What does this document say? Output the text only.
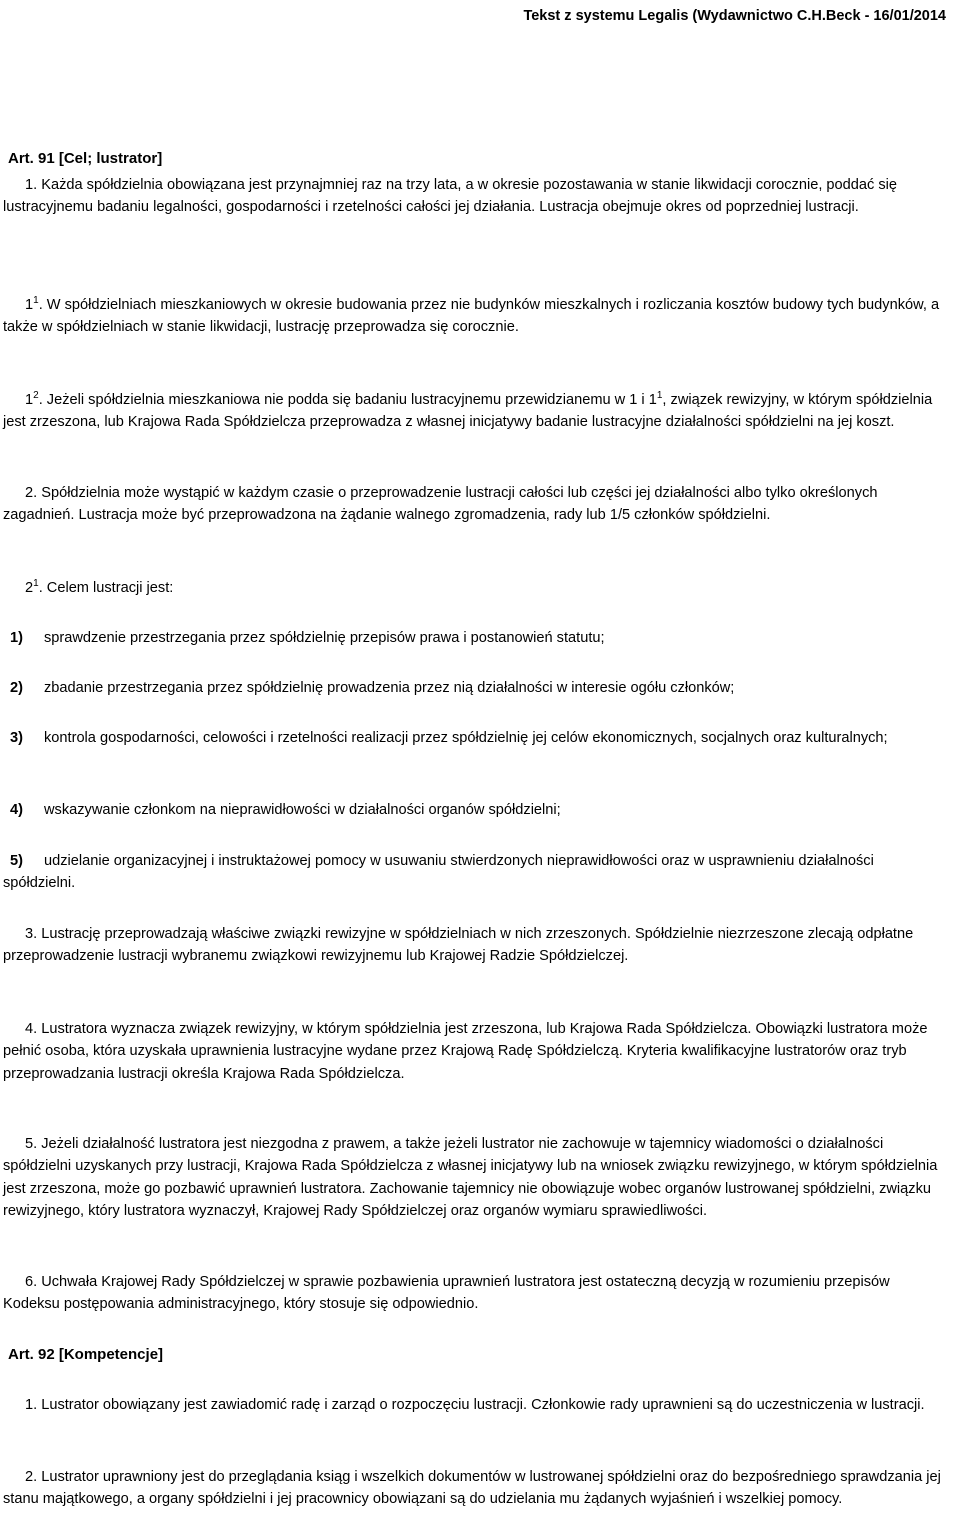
Tekst z systemu Legalis (Wydawnictwo C.H.Beck - 16/01/2014
Art. 91 [Cel; lustrator]
1. Każda spółdzielnia obowiązana jest przynajmniej raz na trzy lata, a w okresie pozostawania w stanie likwidacji corocznie, poddać się lustracyjnemu badaniu legalności, gospodarności i rzetelności całości jej działania. Lustracja obejmuje okres od poprzedniej lustracji.
$1^1$. W spółdzielniach mieszkaniowych w okresie budowania przez nie budynków mieszkalnych i rozliczania kosztów budowy tych budynków, a także w spółdzielniach w stanie likwidacji, lustrację przeprowadza się corocznie.
$1^2$. Jeżeli spółdzielnia mieszkaniowa nie podda się badaniu lustracyjnemu przewidzianemu w 1 i $1^1$, związek rewizyjny, w którym spółdzielnia jest zrzeszona, lub Krajowa Rada Spółdzielcza przeprowadza z własnej inicjatywy badanie lustracyjne działalności spółdzielni na jej koszt.
2. Spółdzielnia może wystąpić w każdym czasie o przeprowadzenie lustracji całości lub części jej działalności albo tylko określonych zagadnień. Lustracja może być przeprowadzona na żądanie walnego zgromadzenia, rady lub 1/5 członków spółdzielni.
$2^1$. Celem lustracji jest:
1) sprawdzenie przestrzegania przez spółdzielnię przepisów prawa i postanowień statutu;
2) zbadanie przestrzegania przez spółdzielnię prowadzenia przez nią działalności w interesie ogółu członków;
3) kontrola gospodarności, celowości i rzetelności realizacji przez spółdzielnię jej celów ekonomicznych, socjalnych oraz kulturalnych;
4) wskazywanie członkom na nieprawidłowości w działalności organów spółdzielni;
5) udzielanie organizacyjnej i instruktażowej pomocy w usuwaniu stwierdzonych nieprawidłowości oraz w usprawnieniu działalności spółdzielni.
3. Lustrację przeprowadzają właściwe związki rewizyjne w spółdzielniach w nich zrzeszonych. Spółdzielnie niezrzeszone zlecają odpłatne przeprowadzenie lustracji wybranemu związkowi rewizyjnemu lub Krajowej Radzie Spółdzielczej.
4. Lustratora wyznacza związek rewizyjny, w którym spółdzielnia jest zrzeszona, lub Krajowa Rada Spółdzielcza. Obowiązki lustratora może pełnić osoba, która uzyskała uprawnienia lustracyjne wydane przez Krajową Radę Spółdzielczą. Kryteria kwalifikacyjne lustratorów oraz tryb przeprowadzania lustracji określa Krajowa Rada Spółdzielcza.
5. Jeżeli działalność lustratora jest niezgodna z prawem, a także jeżeli lustrator nie zachowuje w tajemnicy wiadomości o działalności spółdzielni uzyskanych przy lustracji, Krajowa Rada Spółdzielcza z własnej inicjatywy lub na wniosek związku rewizyjnego, w którym spółdzielnia jest zrzeszona, może go pozbawić uprawnień lustratora. Zachowanie tajemnicy nie obowiązuje wobec organów lustrowanej spółdzielni, związku rewizyjnego, który lustratora wyznaczył, Krajowej Rady Spółdzielczej oraz organów wymiaru sprawiedliwości.
6. Uchwała Krajowej Rady Spółdzielczej w sprawie pozbawienia uprawnień lustratora jest ostateczną decyzją w rozumieniu przepisów Kodeksu postępowania administracyjnego, który stosuje się odpowiednio.
Art. 92 [Kompetencje]
1. Lustrator obowiązany jest zawiadomić radę i zarząd o rozpoczęciu lustracji. Członkowie rady uprawnieni są do uczestniczenia w lustracji.
2. Lustrator uprawniony jest do przeglądania ksiąg i wszelkich dokumentów w lustrowanej spółdzielni oraz do bezpośredniego sprawdzania jej stanu majątkowego, a organy spółdzielni i jej pracownicy obowiązani są do udzielania mu żądanych wyjaśnień i wszelkiej pomocy.
